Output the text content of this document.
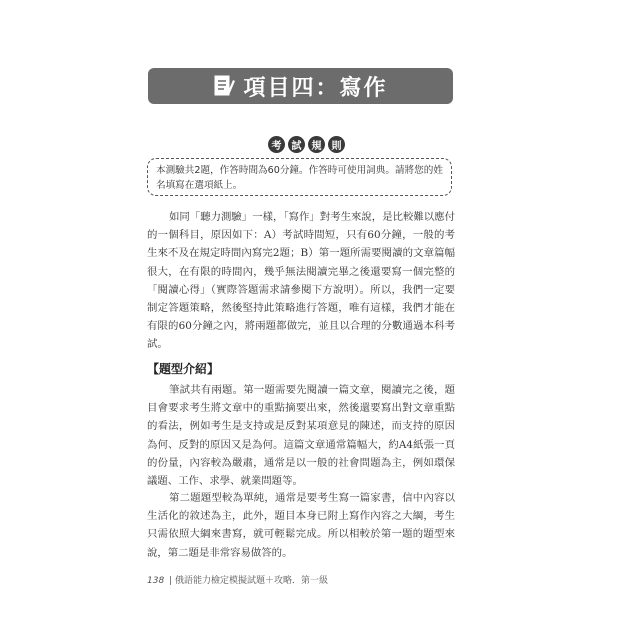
項目四：寫作
考	試	規	則
本測驗共2題，作答時間為60分鐘。作答時可使用詞典。請將您的姓名填寫在選項紙上。

如同「聽力測驗」一樣，「寫作」對考生來說，是比較難以應付的一個科目，原因如下：A）考試時間短，只有60分鐘，一般的考生來不及在規定時間內寫完2題；B）第一題所需要閱讀的文章篇幅很大，在有限的時間內，幾乎無法閱讀完畢之後還要寫一個完整的「閱讀心得」（實際答題需求請參閱下方說明）。所以，我們一定要制定答題策略，然後堅持此策略進行答題，唯有這樣，我們才能在有限的60分鐘之內，將兩題都做完，並且以合理的分數通過本科考試。

【題型介紹】

筆試共有兩題。第一題需要先閱讀一篇文章，閱讀完之後，題目會要求考生將文章中的重點摘要出來，然後還要寫出對文章重點的看法，例如考生是支持或是反對某項意見的陳述，而支持的原因為何、反對的原因又是為何。這篇文章通常篇幅大，約A4紙張一頁的份量，內容較為嚴肅，通常是以一般的社會問題為主，例如環保議題、工作、求學、就業問題等。

第二題題型較為單純，通常是要考生寫一篇家書，信中內容以生活化的敘述為主，此外，題目本身已附上寫作內容之大綱，考生只需依照大綱來書寫，就可輕鬆完成。所以相較於第一題的題型來說，第二題是非常容易做答的。

138 | 俄語能力檢定模擬試題＋攻略．第一級
